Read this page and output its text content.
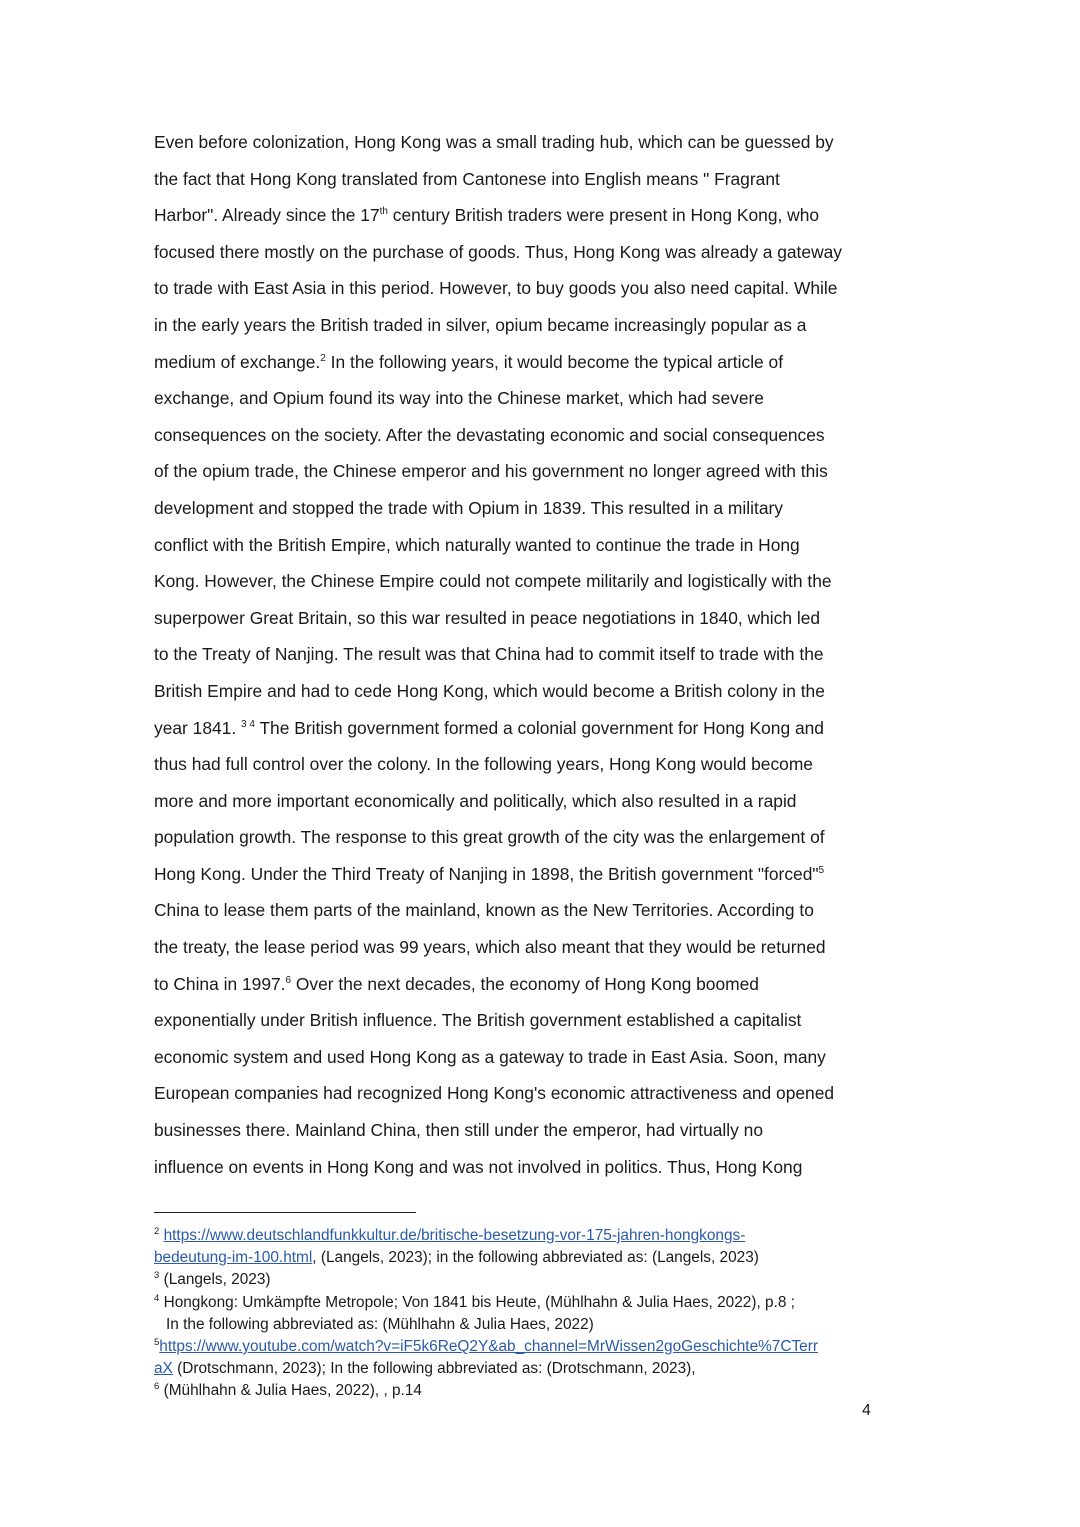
Even before colonization, Hong Kong was a small trading hub, which can be guessed by
the fact that Hong Kong translated from Cantonese into English means " Fragrant
Harbor". Already since the 17th century British traders were present in Hong Kong, who
focused there mostly on the purchase of goods. Thus, Hong Kong was already a gateway
to trade with East Asia in this period. However, to buy goods you also need capital. While
in the early years the British traded in silver, opium became increasingly popular as a
medium of exchange.$^2$ In the following years, it would become the typical article of
exchange, and Opium found its way into the Chinese market, which had severe
consequences on the society. After the devastating economic and social consequences
of the opium trade, the Chinese emperor and his government no longer agreed with this
development and stopped the trade with Opium in 1839. This resulted in a military
conflict with the British Empire, which naturally wanted to continue the trade in Hong
Kong. However, the Chinese Empire could not compete militarily and logistically with the
superpower Great Britain, so this war resulted in peace negotiations in 1840, which led
to the Treaty of Nanjing. The result was that China had to commit itself to trade with the
British Empire and had to cede Hong Kong, which would become a British colony in the
year 1841. $^{3 4}$ The British government formed a colonial government for Hong Kong and
thus had full control over the colony. In the following years, Hong Kong would become
more and more important economically and politically, which also resulted in a rapid
population growth. The response to this great growth of the city was the enlargement of
Hong Kong. Under the Third Treaty of Nanjing in 1898, the British government "forced"$^5$
China to lease them parts of the mainland, known as the New Territories. According to
the treaty, the lease period was 99 years, which also meant that they would be returned
to China in 1997.$^6$ Over the next decades, the economy of Hong Kong boomed
exponentially under British influence. The British government established a capitalist
economic system and used Hong Kong as a gateway to trade in East Asia. Soon, many
European companies had recognized Hong Kong's economic attractiveness and opened
businesses there. Mainland China, then still under the emperor, had virtually no
influence on events in Hong Kong and was not involved in politics. Thus, Hong Kong

$^2$ https://www.deutschlandfunkkultur.de/britische-besetzung-vor-175-jahren-hongkongs-
bedeutung-im-100.html, (Langels, 2023); in the following abbreviated as: (Langels, 2023)
$^3$ (Langels, 2023)
$^4$ Hongkong: Umkämpfte Metropole; Von 1841 bis Heute, (Mühlhahn & Julia Haes, 2022), p.8 ;
In the following abbreviated as: (Mühlhahn & Julia Haes, 2022)
$^5$https://www.youtube.com/watch?v=iF5k6ReQ2Y&ab_channel=MrWissen2goGeschichte%7CTerr
aX (Drotschmann, 2023); In the following abbreviated as: (Drotschmann, 2023),
$^6$ (Mühlhahn & Julia Haes, 2022), , p.14
4
